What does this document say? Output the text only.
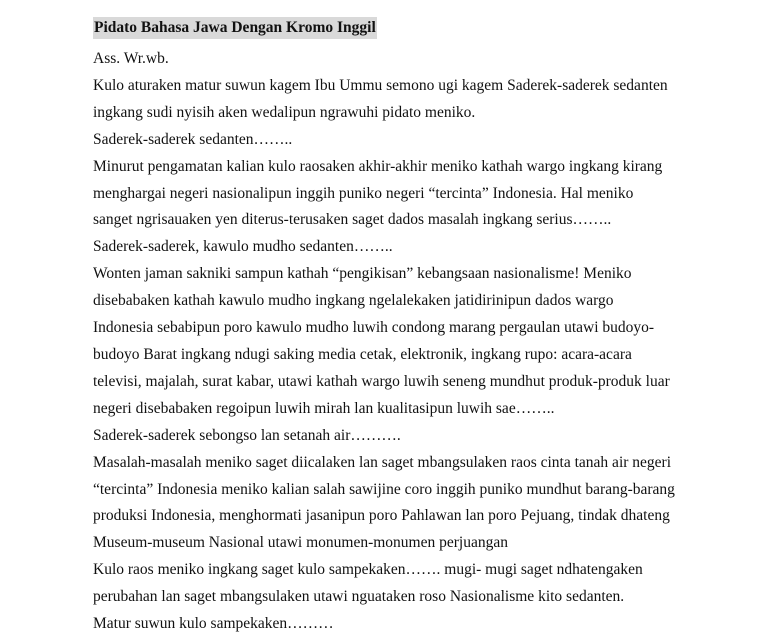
Pidato Bahasa Jawa Dengan Kromo Inggil

Ass. Wr.wb.

Kulo aturaken matur suwun kagem Ibu Ummu semono ugi kagem Saderek-saderek sedanten

ingkang sudi nyisih aken wedalipun ngrawuhi pidato meniko.

Saderek-saderek sedanten……..

Minurut pengamatan kalian kulo raosaken akhir-akhir meniko kathah wargo ingkang kirang

menghargai negeri nasionalipun inggih puniko negeri “tercinta” Indonesia. Hal meniko

sanget ngrisauaken yen diterus-terusaken saget dados masalah ingkang serius……..

Saderek-saderek, kawulo mudho sedanten……..

Wonten jaman sakniki sampun kathah “pengikisan” kebangsaan nasionalisme! Meniko

disebabaken kathah kawulo mudho ingkang ngelalekaken jatidirinipun dados wargo

Indonesia sebabipun poro kawulo mudho luwih condong marang pergaulan utawi budoyo-

budoyo Barat ingkang ndugi saking media cetak, elektronik, ingkang rupo: acara-acara

televisi, majalah, surat kabar, utawi kathah wargo luwih seneng mundhut produk-produk luar

negeri disebabaken regoipun luwih mirah lan kualitasipun luwih sae……..

Saderek-saderek sebongso lan setanah air……….

Masalah-masalah meniko saget diicalaken lan saget mbangsulaken raos cinta tanah air negeri

“tercinta” Indonesia meniko kalian salah sawijine coro inggih puniko mundhut barang-barang

produksi Indonesia, menghormati jasanipun poro Pahlawan lan poro Pejuang, tindak dhateng

Museum-museum Nasional utawi monumen-monumen perjuangan

Kulo raos meniko ingkang saget kulo sampekaken……. mugi- mugi saget ndhatengaken

perubahan lan saget mbangsulaken utawi nguataken roso Nasionalisme kito sedanten.

Matur suwun kulo sampekaken………
